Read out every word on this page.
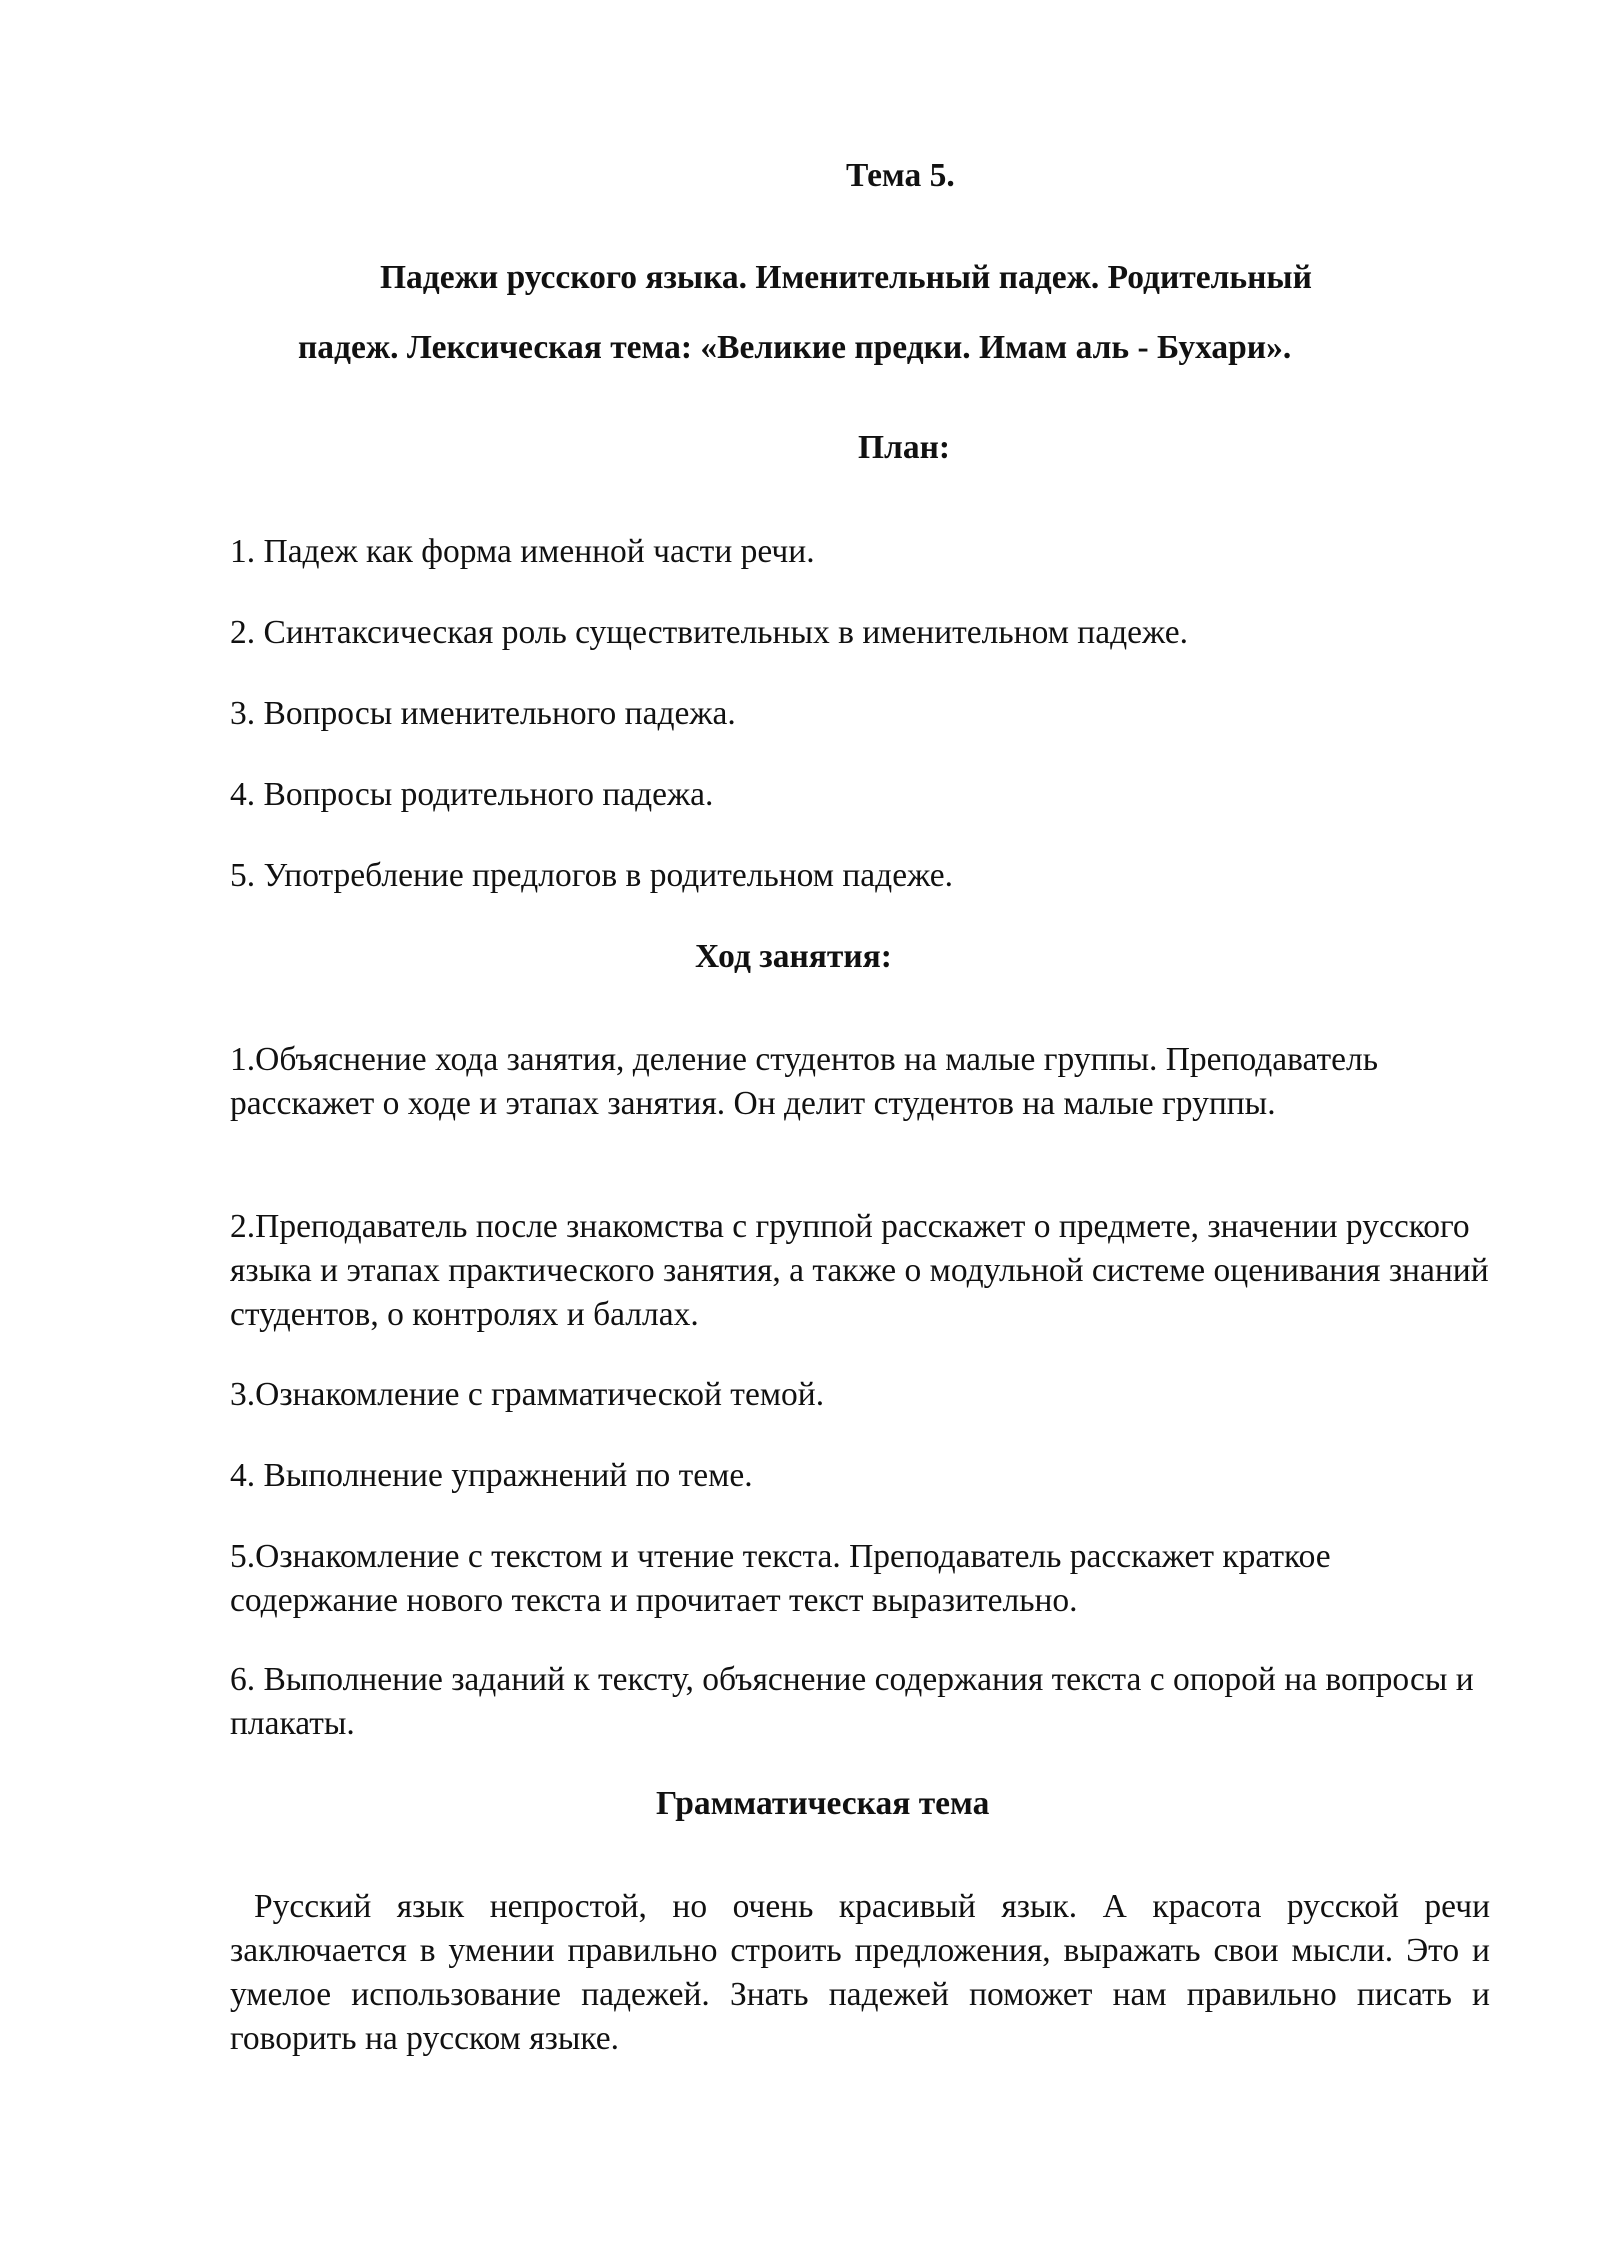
Тема 5.

Падежи русского языка. Именительный падеж. Родительный

падеж. Лексическая тема: «Великие предки. Имам аль - Бухари».

План:

1. Падеж как форма именной части речи.

2. Синтаксическая роль существительных в именительном падеже.

3. Вопросы именительного падежа.

4. Вопросы родительного падежа.

5. Употребление предлогов в родительном падеже.

Ход занятия:

1.Объяснение хода занятия, деление студентов на малые группы. Преподаватель расскажет о ходе и этапах занятия. Он делит студентов на малые группы.

2.Преподаватель после знакомства с группой расскажет о предмете, значении русского языка и этапах практического занятия, а также о модульной системе оценивания знаний студентов, о контролях и баллах.

3.Ознакомление с грамматической темой.

4. Выполнение упражнений по теме.

5.Ознакомление с текстом и чтение текста. Преподаватель расскажет краткое содержание нового текста и прочитает текст выразительно.

6. Выполнение заданий к тексту, объяснение содержания текста с опорой на вопросы и плакаты.

Грамматическая тема

Русский язык непростой, но очень красивый язык. А красота русской речи заключается в умении правильно строить предложения, выражать свои мысли. Это и умелое использование падежей. Знать падежей поможет нам правильно писать и говорить на русском языке.
